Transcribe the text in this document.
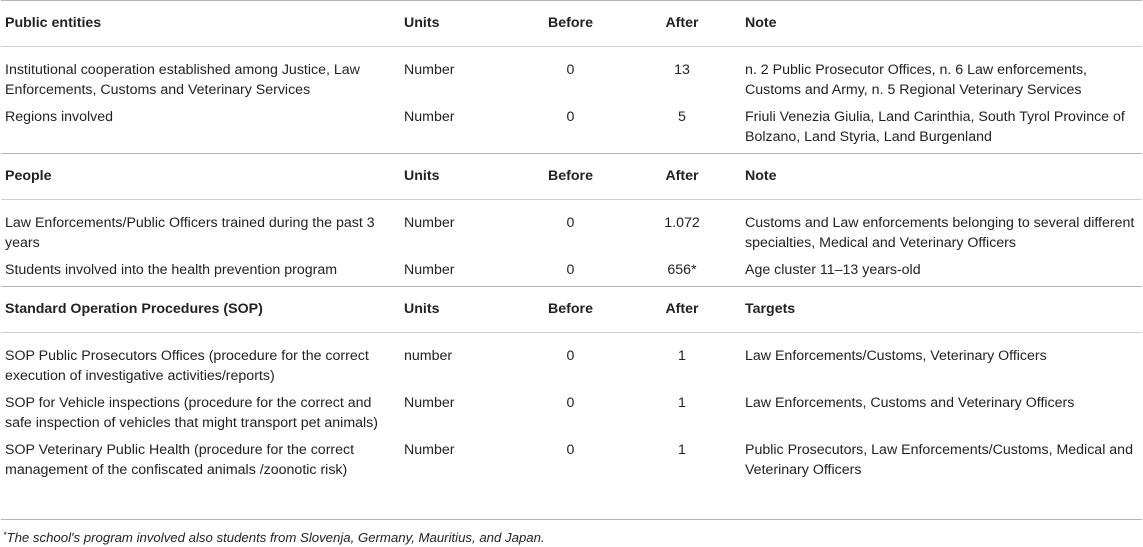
Public entities	Units	Before	After	Note
Institutional cooperation established among Justice, Law Enforcements, Customs and Veterinary Services	Number	0	13	n. 2 Public Prosecutor Offices, n. 6 Law enforcements, Customs and Army, n. 5 Regional Veterinary Services
Regions involved	Number	0	5	Friuli Venezia Giulia, Land Carinthia, South Tyrol Province of Bolzano, Land Styria, Land Burgenland
People	Units	Before	After	Note
Law Enforcements/Public Officers trained during the past 3 years	Number	0	1.072	Customs and Law enforcements belonging to several different specialties, Medical and Veterinary Officers
Students involved into the health prevention program	Number	0	656*	Age cluster 11–13 years-old
Standard Operation Procedures (SOP)	Units	Before	After	Targets
SOP Public Prosecutors Offices (procedure for the correct execution of investigative activities/reports)	number	0	1	Law Enforcements/Customs, Veterinary Officers
SOP for Vehicle inspections (procedure for the correct and safe inspection of vehicles that might transport pet animals)	Number	0	1	Law Enforcements, Customs and Veterinary Officers
SOP Veterinary Public Health (procedure for the correct management of the confiscated animals /zoonotic risk)	Number	0	1	Public Prosecutors, Law Enforcements/Customs, Medical and Veterinary Officers
*The school's program involved also students from Slovenja, Germany, Mauritius, and Japan.
